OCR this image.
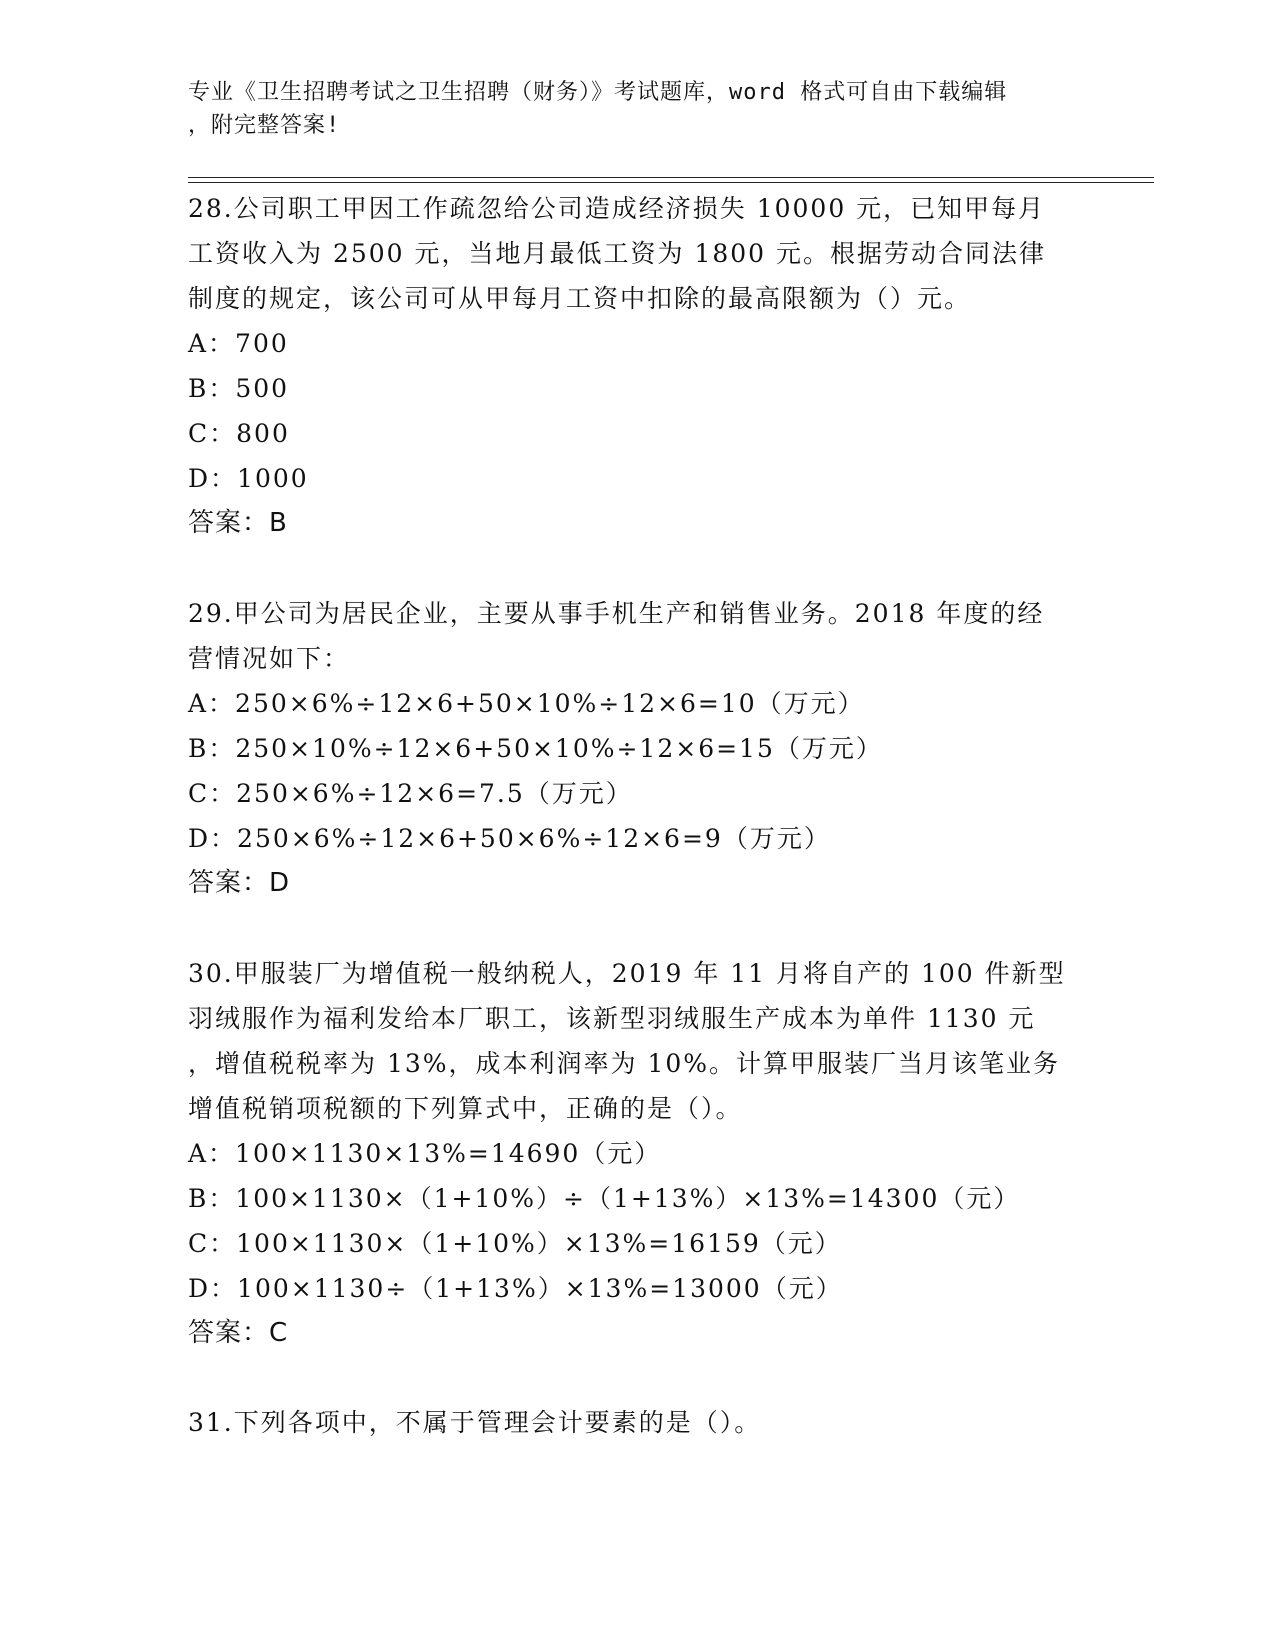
专业《卫生招聘考试之卫生招聘（财务）》考试题库，word 格式可自由下载编辑
，附完整答案!

28.公司职工甲因工作疏忽给公司造成经济损失 10000 元，已知甲每月

工资收入为 2500 元，当地月最低工资为 1800 元。根据劳动合同法律

制度的规定，该公司可从甲每月工资中扣除的最高限额为（）元。

A：700
B：500
C：800
D：1000
答案：B

29.甲公司为居民企业，主要从事手机生产和销售业务。2018 年度的经

营情况如下：

A：250×6%÷12×6+50×10%÷12×6=10（万元）
B：250×10%÷12×6+50×10%÷12×6=15（万元）
C：250×6%÷12×6=7.5（万元）
D：250×6%÷12×6+50×6%÷12×6=9（万元）
答案：D

30.甲服装厂为增值税一般纳税人，2019 年 11 月将自产的 100 件新型

羽绒服作为福利发给本厂职工，该新型羽绒服生产成本为单件 1130 元

，增值税税率为 13%，成本利润率为 10%。计算甲服装厂当月该笔业务

增值税销项税额的下列算式中，正确的是（）。

A：100×1130×13%=14690（元）
B：100×1130×（1+10%）÷（1+13%）×13%=14300（元）
C：100×1130×（1+10%）×13%=16159（元）
D：100×1130÷（1+13%）×13%=13000（元）
答案：C

31.下列各项中，不属于管理会计要素的是（）。
